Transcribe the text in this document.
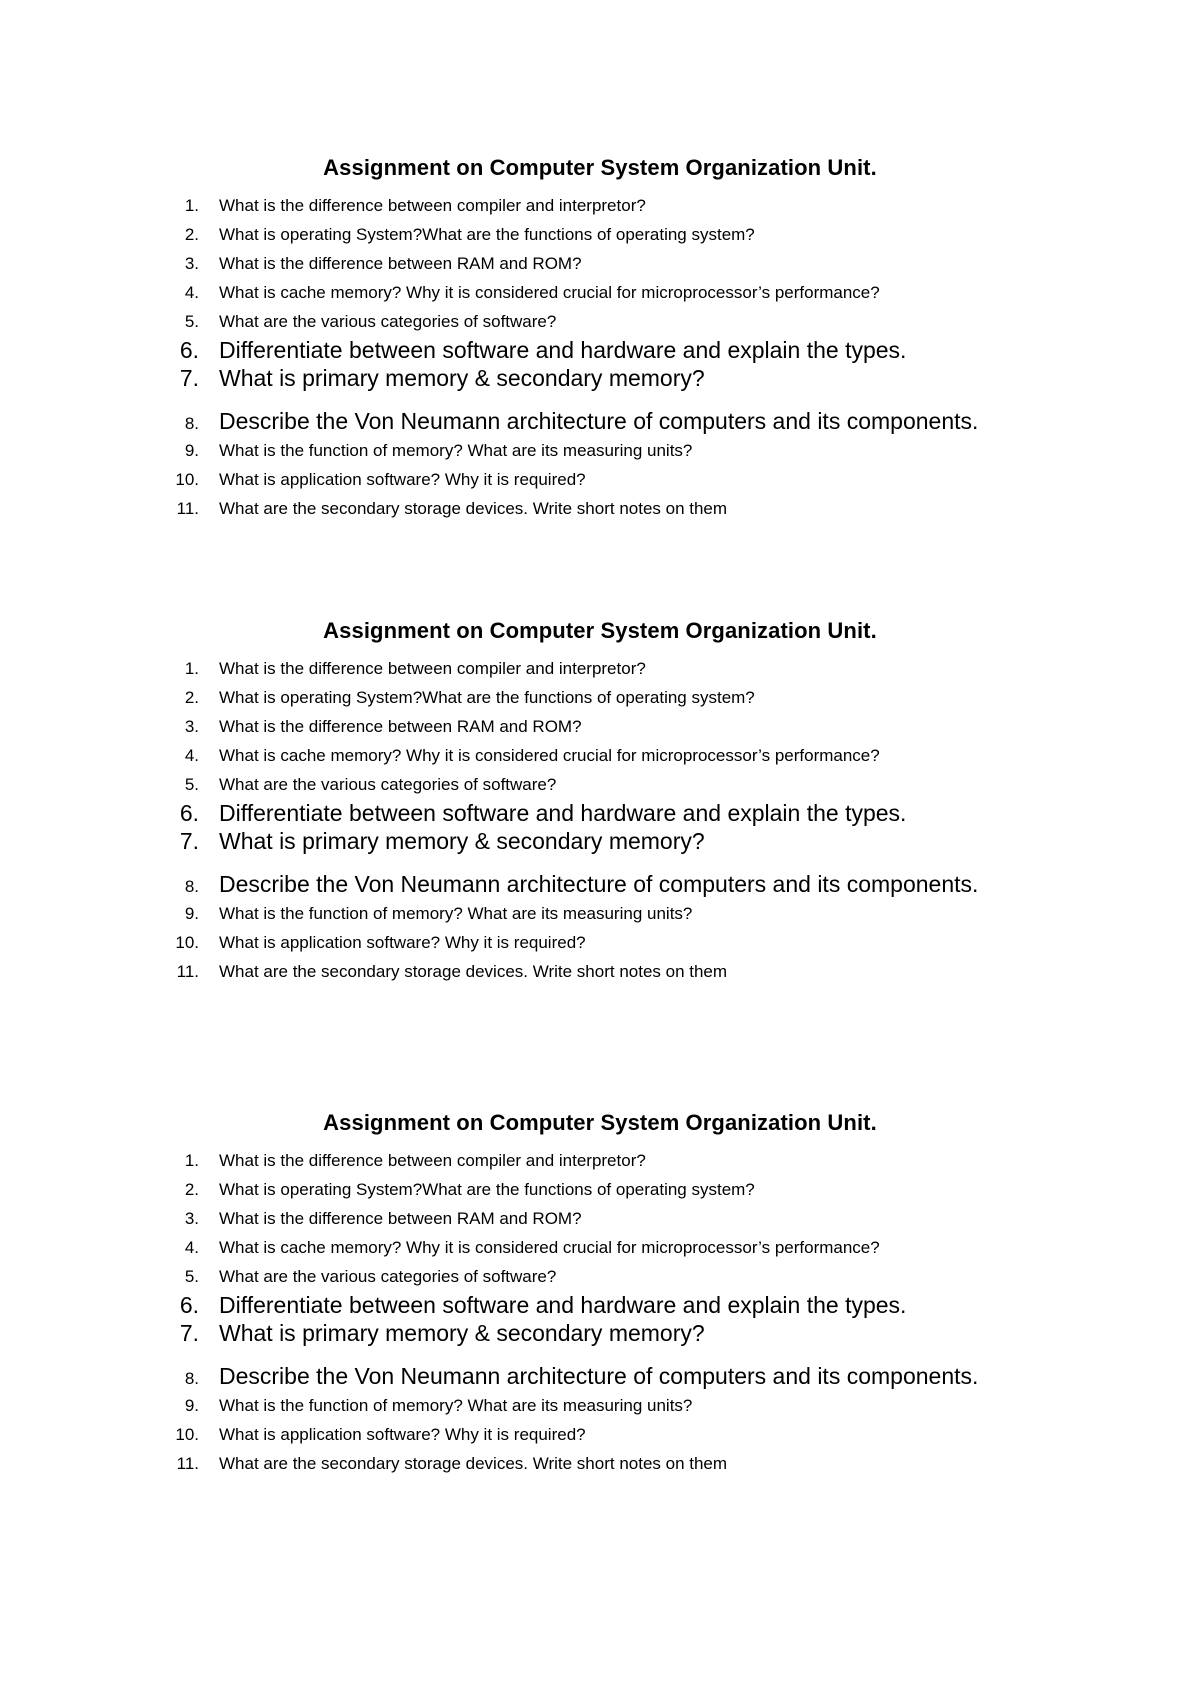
Assignment on Computer System Organization Unit.
1. What is the difference between compiler and interpretor?
2. What is operating System?What are the functions of operating system?
3. What is the difference between RAM and ROM?
4. What is cache memory? Why it is considered crucial for microprocessor’s performance?
5. What are the various categories of software?
6. Differentiate between software and hardware and explain the types.
7. What is primary memory & secondary memory?
8. Describe the Von Neumann architecture of computers and its components.
9. What is the function of memory? What are its measuring units?
10. What is application software? Why it is required?
11. What are the secondary storage devices. Write short notes on them
Assignment on Computer System Organization Unit.
1. What is the difference between compiler and interpretor?
2. What is operating System?What are the functions of operating system?
3. What is the difference between RAM and ROM?
4. What is cache memory? Why it is considered crucial for microprocessor’s performance?
5. What are the various categories of software?
6. Differentiate between software and hardware and explain the types.
7. What is primary memory & secondary memory?
8. Describe the Von Neumann architecture of computers and its components.
9. What is the function of memory? What are its measuring units?
10. What is application software? Why it is required?
11. What are the secondary storage devices. Write short notes on them
Assignment on Computer System Organization Unit.
1. What is the difference between compiler and interpretor?
2. What is operating System?What are the functions of operating system?
3. What is the difference between RAM and ROM?
4. What is cache memory? Why it is considered crucial for microprocessor’s performance?
5. What are the various categories of software?
6. Differentiate between software and hardware and explain the types.
7. What is primary memory & secondary memory?
8. Describe the Von Neumann architecture of computers and its components.
9. What is the function of memory? What are its measuring units?
10. What is application software? Why it is required?
11. What are the secondary storage devices. Write short notes on them
